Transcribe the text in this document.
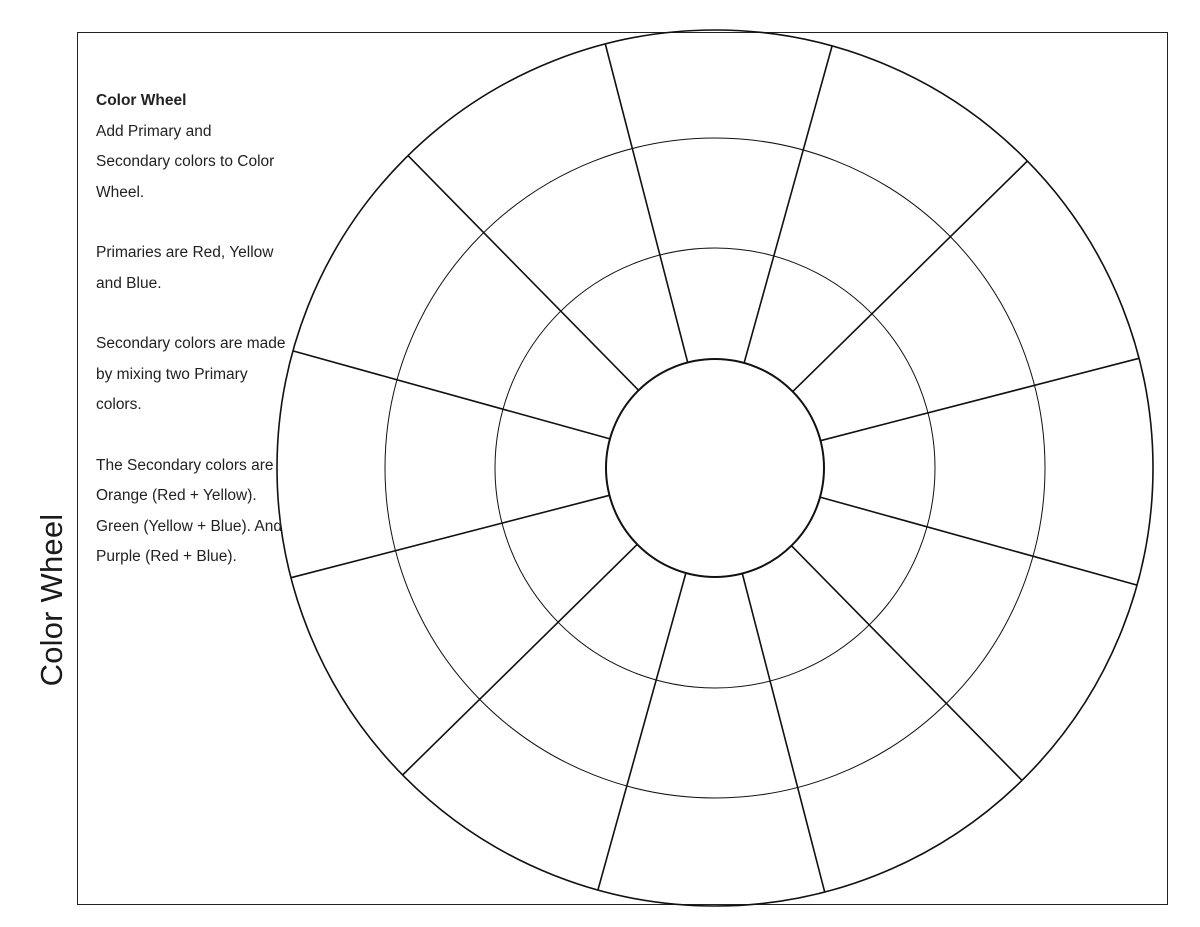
Color Wheel

Color Wheel
Add Primary and Secondary colors to Color Wheel.

Primaries are Red, Yellow and Blue.

Secondary colors are made by mixing two Primary colors.

The Secondary colors are Orange (Red + Yellow). Green (Yellow + Blue). And Purple (Red + Blue).
